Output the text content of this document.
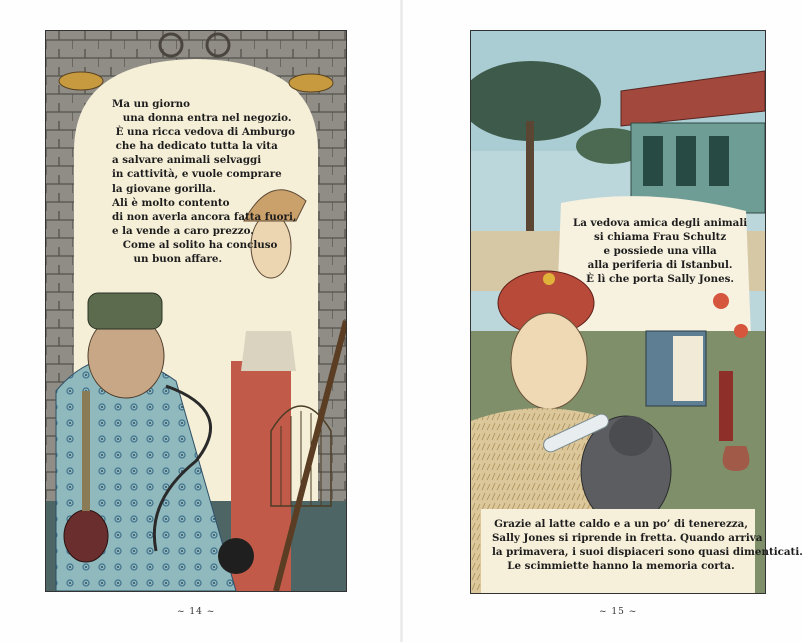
Ma un giorno
una donna entra nel negozio.
È una ricca vedova di Amburgo
che ha dedicato tutta la vita
a salvare animali selvaggi
in cattività, e vuole comprare
la giovane gorilla.
Ali è molto contento
di non averla ancora fatta fuori,
e la vende a caro prezzo.
Come al solito ha concluso
un buon affare.
La vedova amica degli animali
si chiama Frau Schultz
e possiede una villa
alla periferia di Istanbul.
È lì che porta Sally Jones.
Grazie al latte caldo e a un po’ di tenerezza,
Sally Jones si riprende in fretta. Quando arriva
la primavera, i suoi dispiaceri sono quasi dimenticati.
Le scimmiette hanno la memoria corta.
~ 14 ~	~ 15 ~
